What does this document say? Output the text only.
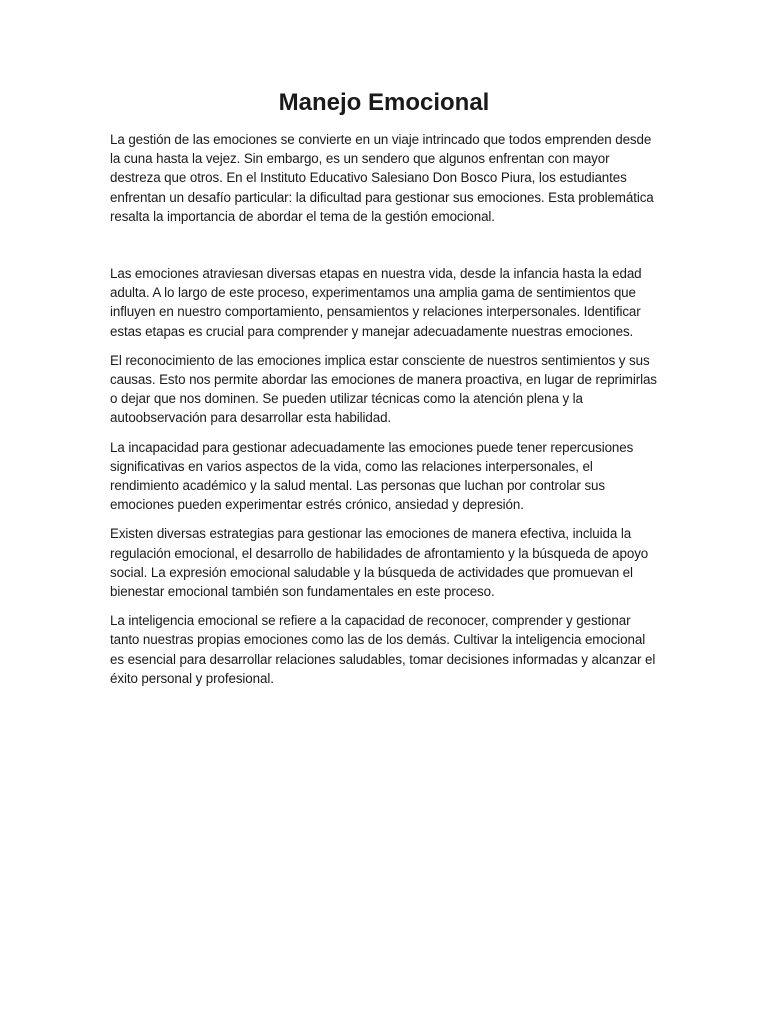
Manejo Emocional

La gestión de las emociones se convierte en un viaje intrincado que todos emprenden desde la cuna hasta la vejez. Sin embargo, es un sendero que algunos enfrentan con mayor destreza que otros. En el Instituto Educativo Salesiano Don Bosco Piura, los estudiantes enfrentan un desafío particular: la dificultad para gestionar sus emociones. Esta problemática resalta la importancia de abordar el tema de la gestión emocional.

Las emociones atraviesan diversas etapas en nuestra vida, desde la infancia hasta la edad adulta. A lo largo de este proceso, experimentamos una amplia gama de sentimientos que influyen en nuestro comportamiento, pensamientos y relaciones interpersonales. Identificar estas etapas es crucial para comprender y manejar adecuadamente nuestras emociones.

El reconocimiento de las emociones implica estar consciente de nuestros sentimientos y sus causas. Esto nos permite abordar las emociones de manera proactiva, en lugar de reprimirlas o dejar que nos dominen. Se pueden utilizar técnicas como la atención plena y la autoobservación para desarrollar esta habilidad.

La incapacidad para gestionar adecuadamente las emociones puede tener repercusiones significativas en varios aspectos de la vida, como las relaciones interpersonales, el rendimiento académico y la salud mental. Las personas que luchan por controlar sus emociones pueden experimentar estrés crónico, ansiedad y depresión.

Existen diversas estrategias para gestionar las emociones de manera efectiva, incluida la regulación emocional, el desarrollo de habilidades de afrontamiento y la búsqueda de apoyo social. La expresión emocional saludable y la búsqueda de actividades que promuevan el bienestar emocional también son fundamentales en este proceso.

La inteligencia emocional se refiere a la capacidad de reconocer, comprender y gestionar tanto nuestras propias emociones como las de los demás. Cultivar la inteligencia emocional es esencial para desarrollar relaciones saludables, tomar decisiones informadas y alcanzar el éxito personal y profesional.
